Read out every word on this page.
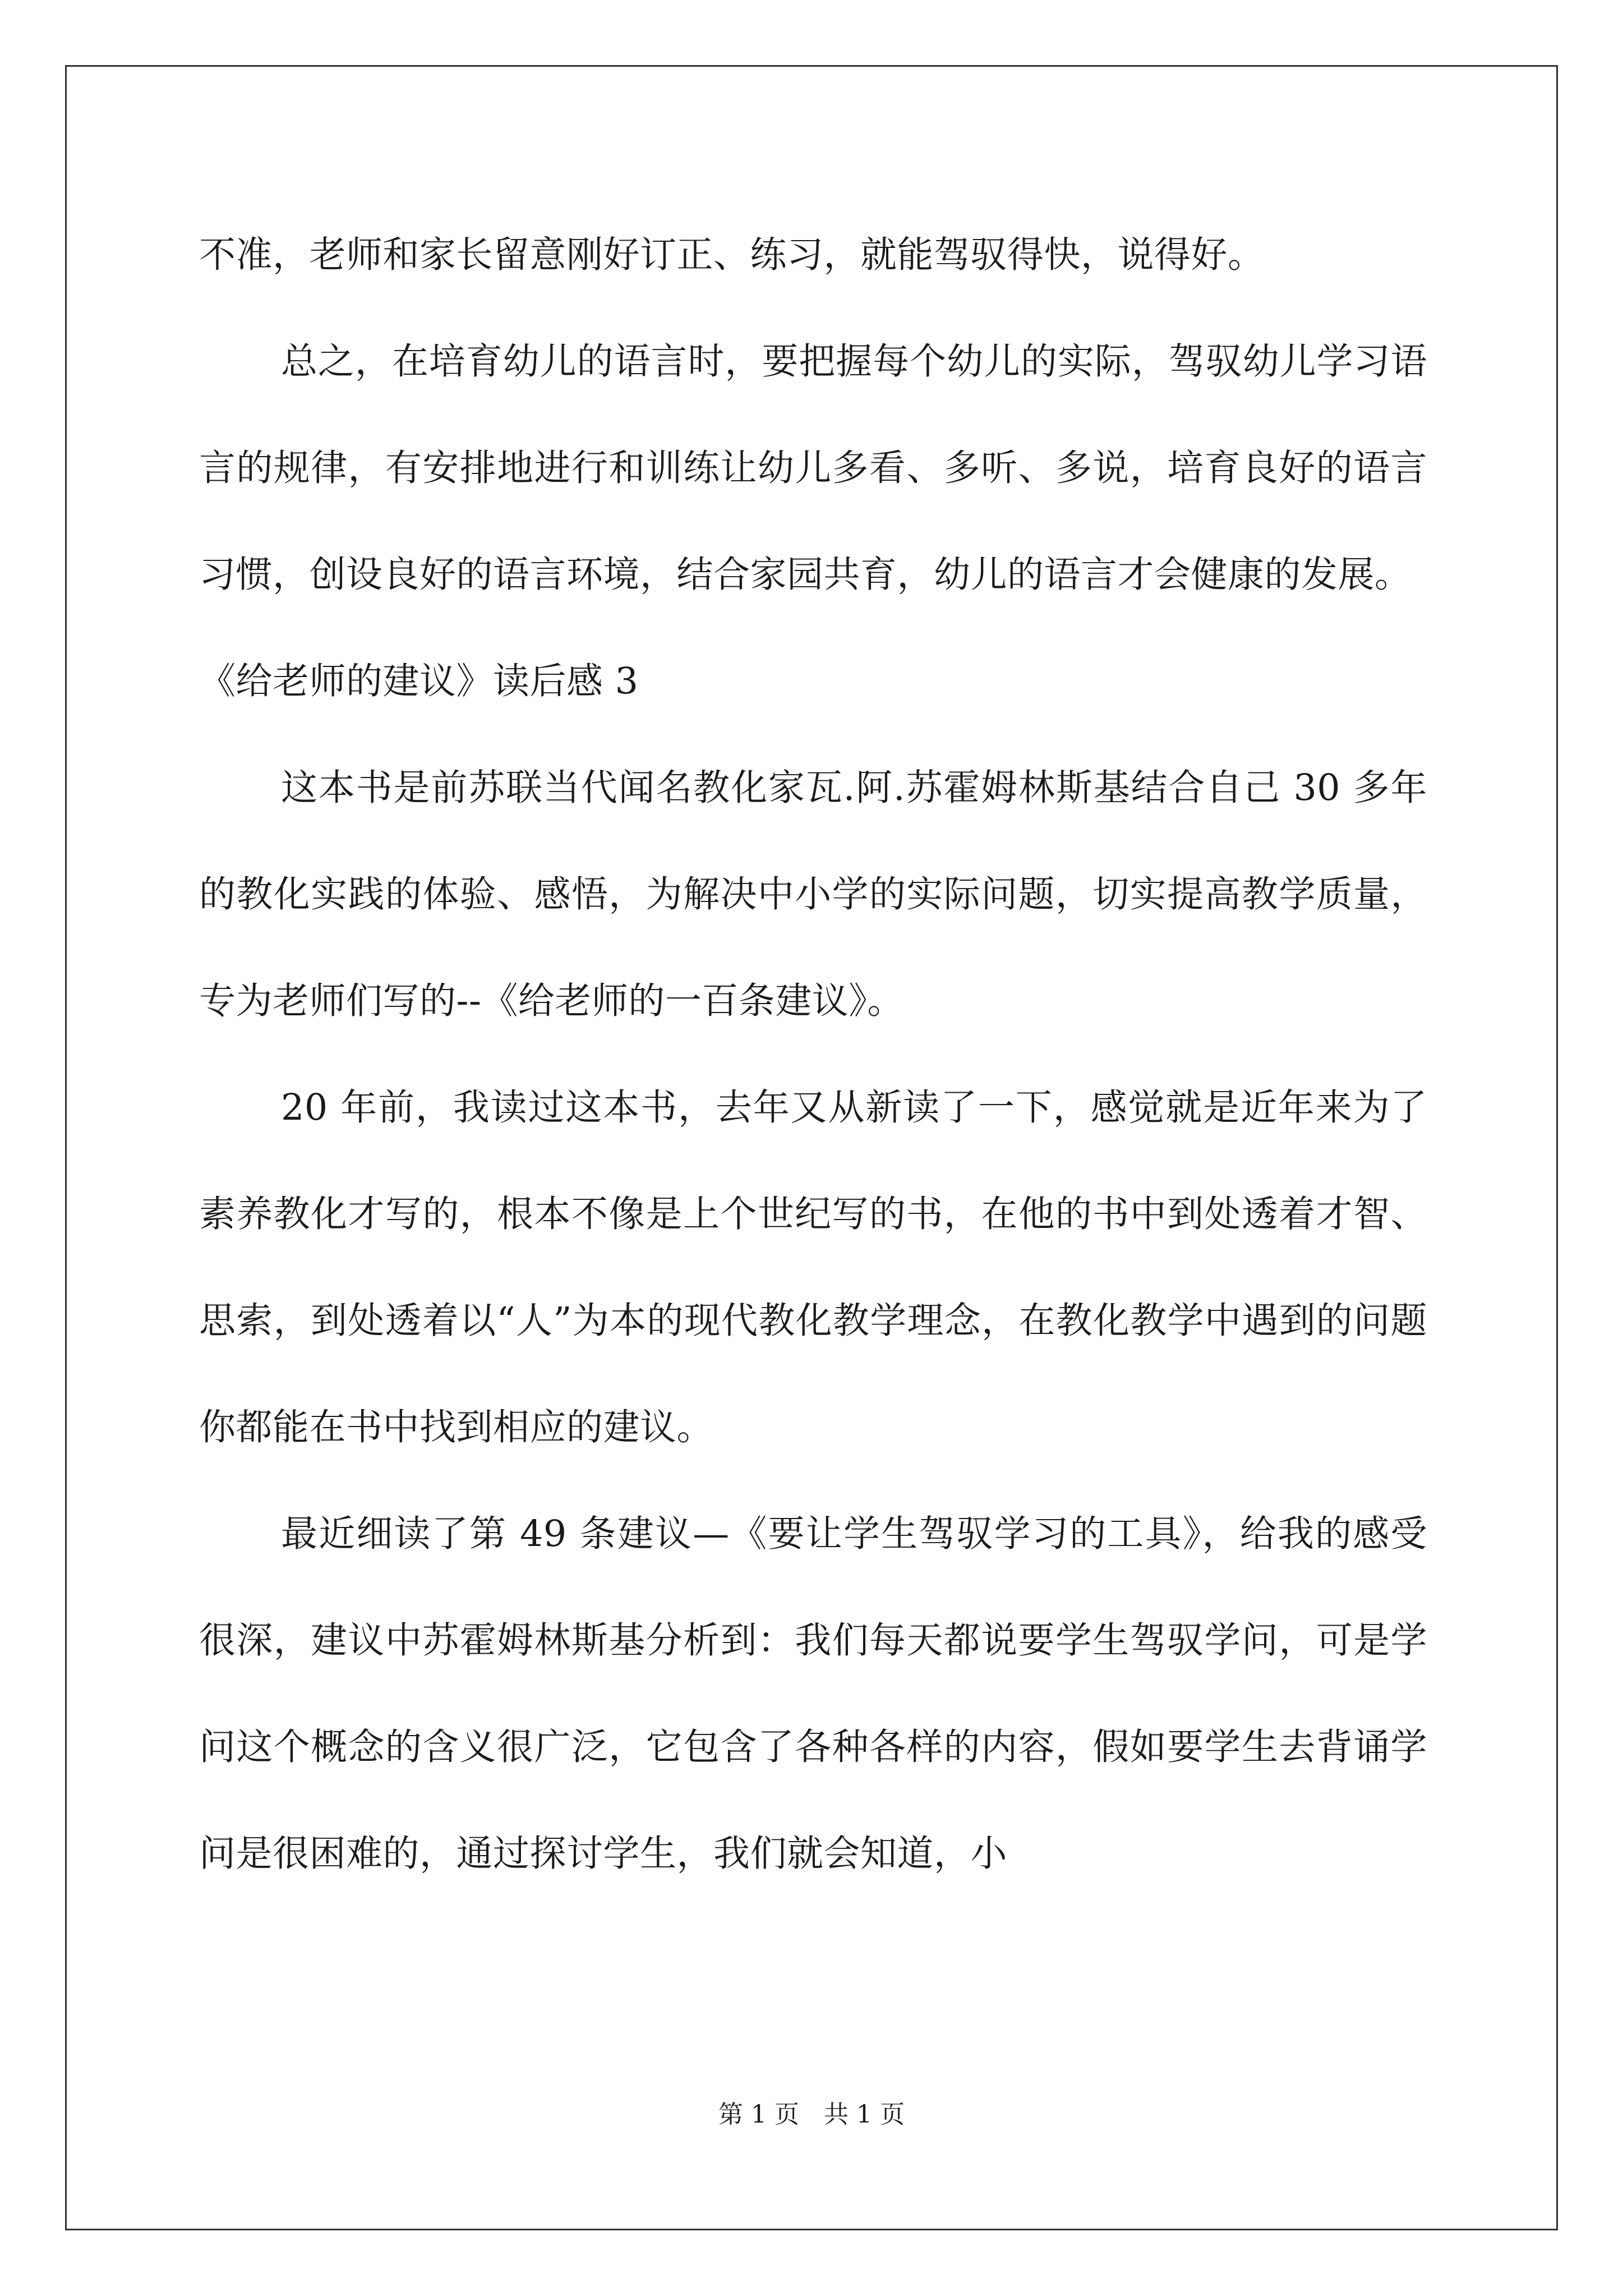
不准，老师和家长留意刚好订正、练习，就能驾驭得快，说得好。

总之，在培育幼儿的语言时，要把握每个幼儿的实际，驾驭幼儿学习语言的规律，有安排地进行和训练让幼儿多看、多听、多说，培育良好的语言习惯，创设良好的语言环境，结合家园共育，幼儿的语言才会健康的发展。

《给老师的建议》读后感 3

这本书是前苏联当代闻名教化家瓦.阿.苏霍姆林斯基结合自己 30 多年的教化实践的体验、感悟，为解决中小学的实际问题，切实提高教学质量，专为老师们写的--《给老师的一百条建议》。

20 年前，我读过这本书，去年又从新读了一下，感觉就是近年来为了素养教化才写的，根本不像是上个世纪写的书，在他的书中到处透着才智、思索，到处透着以“人”为本的现代教化教学理念，在教化教学中遇到的问题你都能在书中找到相应的建议。

最近细读了第 49 条建议—《要让学生驾驭学习的工具》，给我的感受很深，建议中苏霍姆林斯基分析到：我们每天都说要学生驾驭学问，可是学问这个概念的含义很广泛，它包含了各种各样的内容，假如要学生去背诵学问是很困难的，通过探讨学生，我们就会知道，小

第 1 页　共 1 页
